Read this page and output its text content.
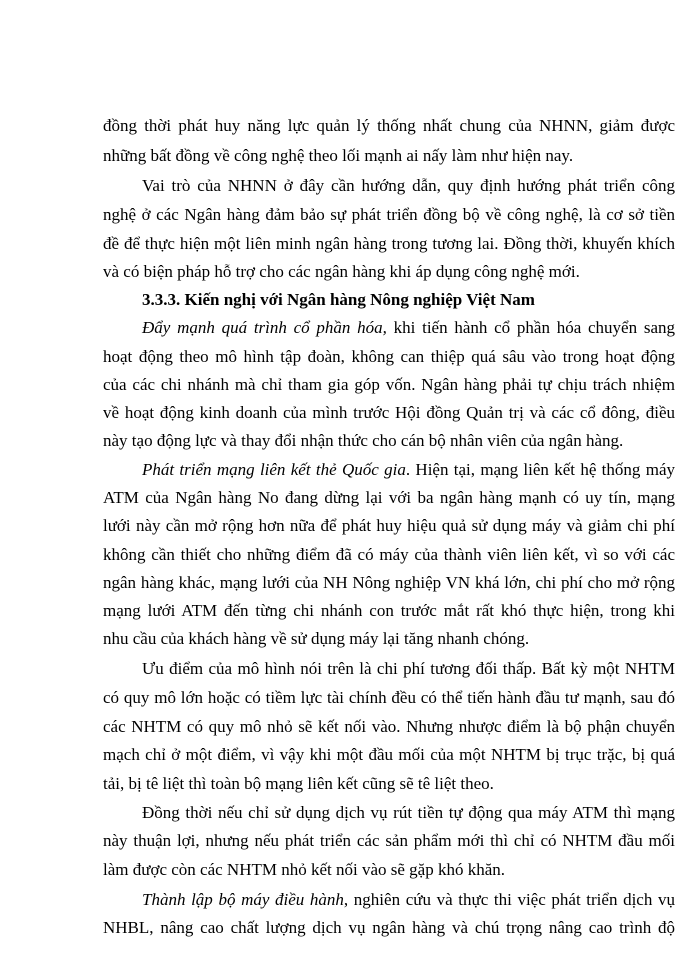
đồng thời phát huy năng lực quản lý thống nhất chung của NHNN, giảm được
những bất đồng về công nghệ theo lối mạnh ai nấy làm như hiện nay.
Vai trò của NHNN ở đây cần hướng dẫn, quy định hướng phát triển công
nghệ ở các Ngân hàng đảm bảo sự phát triển đồng bộ về công nghệ, là cơ sở tiền
đề để thực hiện một liên minh ngân hàng trong tương lai. Đồng thời, khuyến khích
và có biện pháp hỗ trợ cho các ngân hàng khi áp dụng công nghệ mới.
3.3.3. Kiến nghị với Ngân hàng Nông nghiệp Việt Nam
Đẩy mạnh quá trình cổ phần hóa, khi tiến hành cổ phần hóa chuyển sang
hoạt động theo mô hình tập đoàn, không can thiệp quá sâu vào trong hoạt động
của các chi nhánh mà chỉ tham gia góp vốn. Ngân hàng phải tự chịu trách nhiệm
về hoạt động kinh doanh của mình trước Hội đồng Quản trị và các cổ đông, điều
này tạo động lực và thay đổi nhận thức cho cán bộ nhân viên của ngân hàng.
Phát triển mạng liên kết thẻ Quốc gia. Hiện tại, mạng liên kết hệ thống máy
ATM của Ngân hàng No đang dừng lại với ba ngân hàng mạnh có uy tín, mạng
lưới này cần mở rộng hơn nữa để phát huy hiệu quả sử dụng máy và giảm chi phí
không cần thiết cho những điểm đã có máy của thành viên liên kết, vì so với các
ngân hàng khác, mạng lưới của NH Nông nghiệp VN khá lớn, chi phí cho mở rộng
mạng lưới ATM đến từng chi nhánh con trước mắt rất khó thực hiện, trong khi
nhu cầu của khách hàng về sử dụng máy lại tăng nhanh chóng.
Ưu điểm của mô hình nói trên là chi phí tương đối thấp. Bất kỳ một NHTM
có quy mô lớn hoặc có tiềm lực tài chính đều có thể tiến hành đầu tư mạnh, sau đó
các NHTM có quy mô nhỏ sẽ kết nối vào. Nhưng nhược điểm là bộ phận chuyển
mạch chỉ ở một điểm, vì vậy khi một đầu mối của một NHTM bị trục trặc, bị quá
tải, bị tê liệt thì toàn bộ mạng liên kết cũng sẽ tê liệt theo.
Đồng thời nếu chỉ sử dụng dịch vụ rút tiền tự động qua máy ATM thì mạng
này thuận lợi, nhưng nếu phát triển các sản phẩm mới thì chỉ có NHTM đầu mối
làm được còn các NHTM nhỏ kết nối vào sẽ gặp khó khăn.
Thành lập bộ máy điều hành, nghiên cứu và thực thi việc phát triển dịch vụ
NHBL, nâng cao chất lượng dịch vụ ngân hàng và chú trọng nâng cao trình độ
